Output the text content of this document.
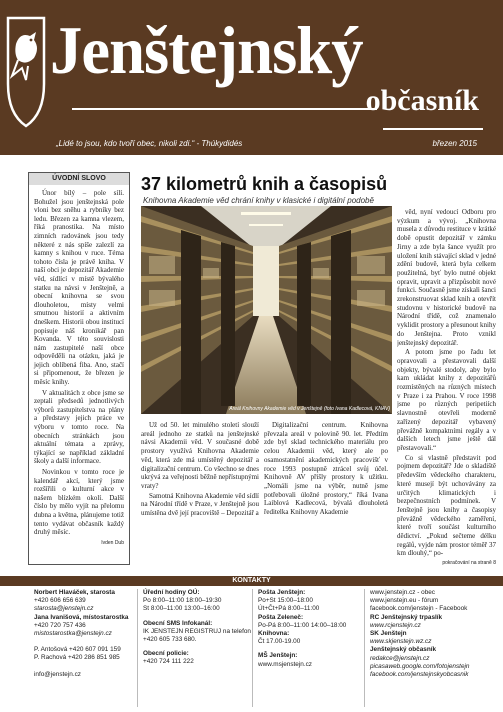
Jenštejnský
občasník
„Lidé to jsou, kdo tvoří obec, nikoli zdi.“ - Thúkydidés	březen 2015
ÚVODNÍ SLOVO

Únor bílý – pole sílí. Bohužel jsou jenštejnská pole vloni bez sněhu a rybníky bez ledu. Březen za kamna vlezem, říká pranostika. Na místo zimních radovánek jsou tedy některé z nás spíše zalezlí za kamny s knihou v ruce. Téma tohoto čísla je právě kniha. V naší obci je depozitář Akademie věd, sídlící v místě bývalého statku na návsi v Jenštejně, a obecní knihovna se svou dlouholetou, místy velmi smutnou historií a aktivním dneškem. Historii obou institucí popisuje náš kronikář pan Kovanda. V této souvislosti nám zastupitelé naší obce odpověděli na otázku, jaká je jejich oblíbená fiba. Ano, stačí si připomenout, že březen je měsíc knihy.

V aktualitách z obce jsme se zeptali předsedů jednotlivých výborů zastupitelstva na plány a představy jejich práce ve výboru v tomto roce. Na obecních stránkách jsou aktuální témata a zprávy, týkající se například základní školy a další informace.

Novinkou v tomto roce je kalendář akcí, který jsme rozšířili o kulturní akce v našem blízkém okolí. Další číslo by mělo vyjít na přelomu dubna a května, plánujeme totiž tento vydávat občasník každý druhý měsíc.

Ivden Dub
37 kilometrů knih a časopisů
Knihovna Akademie věd chrání knihy v klasické i digitální podobě
Areál Knihovny Akademie věd v Jenštejně (foto Ivana Kadlecová, KNAV)

Už od 50. let minulého století slouží areál jednoho ze statků na jenštejnské návsi Akademii věd. V současné době prostory využívá Knihovna Akademie věd, která zde má umístěný depozitář a digitalizační centrum. Co všechno se dnes ukrývá za veřejnosti běžně nepřístupnými vraty?

Samotná Knihovna Akademie věd sídlí na Národní třídě v Praze, v Jenštejně jsou umístěna dvě její pracoviště – Depozitář a

Digitalizační centrum. Knihovna převzala areál v polovině 90. let. Předtím zde byl sklad technického materiálu pro celou Akademii věd, který ale po osamostatnění akademických pracovišť v roce 1993 postupně ztrácel svůj účel. Knihovně AV přišly prostory k užitku. „Nomáli jsme na výběr, nutně jsme potřebovali úložné prostory,“ říká Ivana Laiblová Kadlecová, bývalá dlouholetá ředitelka Knihovny Akademie

věd, nyní vedoucí Odboru pro výzkum a vývoj. „Knihovna musela z důvodu restituce v krátké době opustit depozitář v zámku Jirny a zde byla šance využít pro uložení knih stávající sklad v jedné zdění budově, která byla celkem použitelná, byť bylo nutné objekt opravit, upravit a přizpůsobit nové funkci. Současně jsme získali šanci zrekonstruovat sklad knih a otevřít studovnu v historické budově na Národní třídě, což znamenalo vyklidit prostory a přesunout knihy do Jenštejna. Proto vznikl jenštejnský depozitář.

A potom jsme po řadu let opravovali a přestavovali další objekty, bývalé stodoly, aby bylo kam ukládat knihy z depozitářů rozmístěných na různých místech v Praze i za Prahou. V roce 1998 jsme po různých peripetiích slavnostně otevřeli moderně zařízený depozitář vybavený převážně kompaktními regály a v dalších letech jsme ještě dál přestavovali.“

Co si vlastně představit pod pojmem depozitář? Jde o skladiště především vědeckého charakteru, které musejí být uchovávány za určitých klimatických i bezpečnostních podmínek. V Jenštejně jsou knihy a časopisy převážně vědeckého zaměření, které tvoří součást kulturního dědictví. „Pokud sečteme délku regálů, vyjde nám prostor téměř 37 km dlouhý,“ po-

pokračování na straně 8
KONTAKTY
Norbert Hlaváček, starosta
+420 606 656 639
starosta@jenstejn.cz
Jana Ivanišová, místostarostka
+420 720 757 436
mistostarostka@jenstejn.cz
P. Antošová +420 607 091 159
P. Rachová +420 286 851 985
info@jenstejn.cz
Úřední hodiny OÚ:
Po 8:00–11:00 18:00–19:30
St 8:00–11:00 13:00–16:00
Obecní SMS Infokanál:
IK JENSTEJN REGISTRUJ na telefon +420 605 733 680.
Obecní policie:
+420 724 111 222
Pošta Jenštejn:
Po+St 15:00–18:00
Út+Čt+Pá 8:00–11:00
Pošta Zeleneč:
Po-Pá 8:00–11:00 14:00–18:00
Knihovna:
Čt 17.00-19.00
MŠ Jenštejn:
www.msjenstejn.cz
www.jenstejn.cz - obec
www.jenstejn.eu - fórum
facebook.com/jenstejn - Facebook
RC Jenštejnský trpaslík
www.rcjenstejn.cz
SK Jenštejn
www.skjenstejn.wz.cz
Jenštejnský občasník
redakce@jenstejn.cz
picasaweb.google.com/fotojenstejn
facebook.com/jenstejnskyobcasnik
